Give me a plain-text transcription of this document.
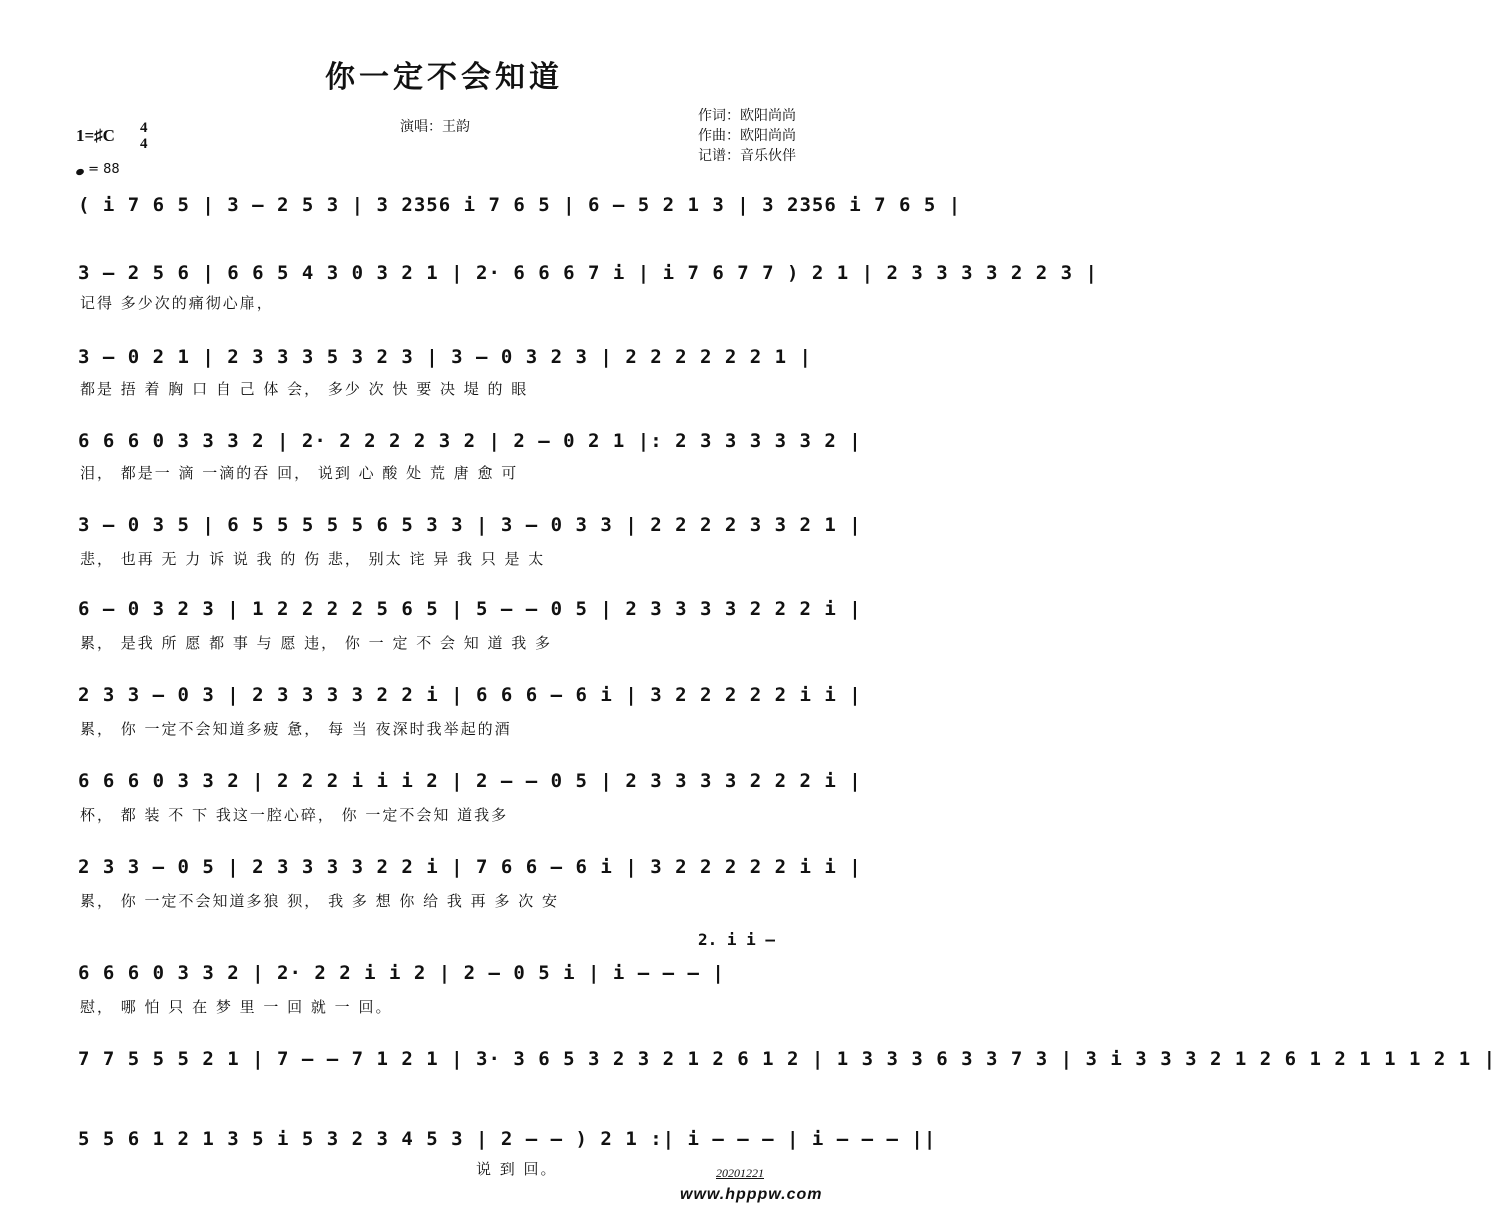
你一定不会知道
演唱：王韵
作词：欧阳尚尚
作曲：欧阳尚尚
记谱：音乐伙伴
1=♯C 4
4
= 88
( i 7 6 5 | 3 – 2 5 3 | 3 2356 i 7 6 5 | 6 – 5 2 1 3 | 3 2356 i 7 6 5 |
3 – 2 5 6 | 6 6 5 4 3 0 3 2 1 | 2· 6 6 6 7 i | i 7 6 7 7 ) 2 1 | 2 3 3 3 3 2 2 3 |
记得 多少次的痛彻心扉，
3 – 0 2 1 | 2 3 3 3 5 3 2 3 | 3 – 0 3 2 3 | 2 2 2 2 2 2 1 |
都是 捂 着 胸 口 自 己 体 会， 多少 次 快 要 决 堤 的 眼
6 6 6 0 3 3 3 2 | 2· 2 2 2 2 3 2 | 2 – 0 2 1 |: 2 3 3 3 3 3 2 |
泪， 都是一 滴 一滴的吞 回， 说到 心 酸 处 荒 唐 愈 可
3 – 0 3 5 | 6 5 5 5 5 5 6 5 3 3 | 3 – 0 3 3 | 2 2 2 2 3 3 2 1 |
悲， 也再 无 力 诉 说 我 的 伤 悲， 别太 诧 异 我 只 是 太
6 – 0 3 2 3 | 1 2 2 2 2 5 6 5 | 5 – – 0 5 | 2 3 3 3 3 2 2 2 i |
累， 是我 所 愿 都 事 与 愿 违， 你 一 定 不 会 知 道 我 多
2 3 3 – 0 3 | 2 3 3 3 3 2 2 i | 6 6 6 – 6 i | 3 2 2 2 2 2 i i |
累， 你 一定不会知道多疲 惫， 每 当 夜深时我举起的酒
6 6 6 0 3 3 2 | 2 2 2 i i i 2 | 2 – – 0 5 | 2 3 3 3 3 2 2 2 i |
杯， 都 装 不 下 我这一腔心碎， 你 一定不会知 道我多
2 3 3 – 0 5 | 2 3 3 3 3 2 2 i | 7 6 6 – 6 i | 3 2 2 2 2 2 i i |
累， 你 一定不会知道多狼 狈， 我 多 想 你 给 我 再 多 次 安
6 6 6 0 3 3 2 | 2· 2 2 i i 2 | 2 – 0 5 i | i – – – |
慰， 哪 怕 只 在 梦 里 一 回 就 一 回。
2. i i –
7 7 5 5 5 2 1 | 7 – – 7 1 2 1 | 3· 3 6 5 3 2 3 2 1 2 6 1 2 | 1 3 3 3 6 3 3 7 3 | 3 i 3 3 3 2 1 2 6 1 2 1 1 1 2 1 |
5 5 6 1 2 1 3 5 i 5 3 2 3 4 5 3 | 2 – – ) 2 1 :| i – – – | i – – – ||
说 到 回。	20201221
www.hpppw.com
